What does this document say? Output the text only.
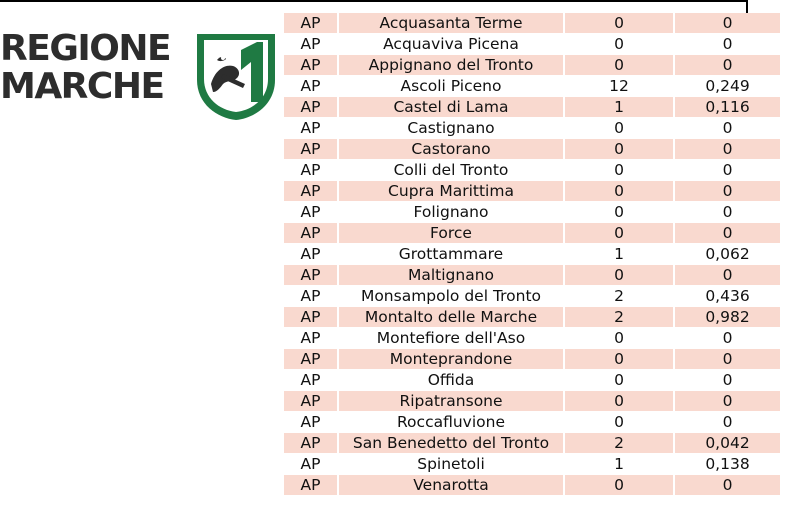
REGIONE
MARCHE
AP	Acquasanta Terme	0	0
AP	Acquaviva Picena	0	0
AP	Appignano del Tronto	0	0
AP	Ascoli Piceno	12	0,249
AP	Castel di Lama	1	0,116
AP	Castignano	0	0
AP	Castorano	0	0
AP	Colli del Tronto	0	0
AP	Cupra Marittima	0	0
AP	Folignano	0	0
AP	Force	0	0
AP	Grottammare	1	0,062
AP	Maltignano	0	0
AP	Monsampolo del Tronto	2	0,436
AP	Montalto delle Marche	2	0,982
AP	Montefiore dell'Aso	0	0
AP	Monteprandone	0	0
AP	Offida	0	0
AP	Ripatransone	0	0
AP	Roccafluvione	0	0
AP	San Benedetto del Tronto	2	0,042
AP	Spinetoli	1	0,138
AP	Venarotta	0	0
